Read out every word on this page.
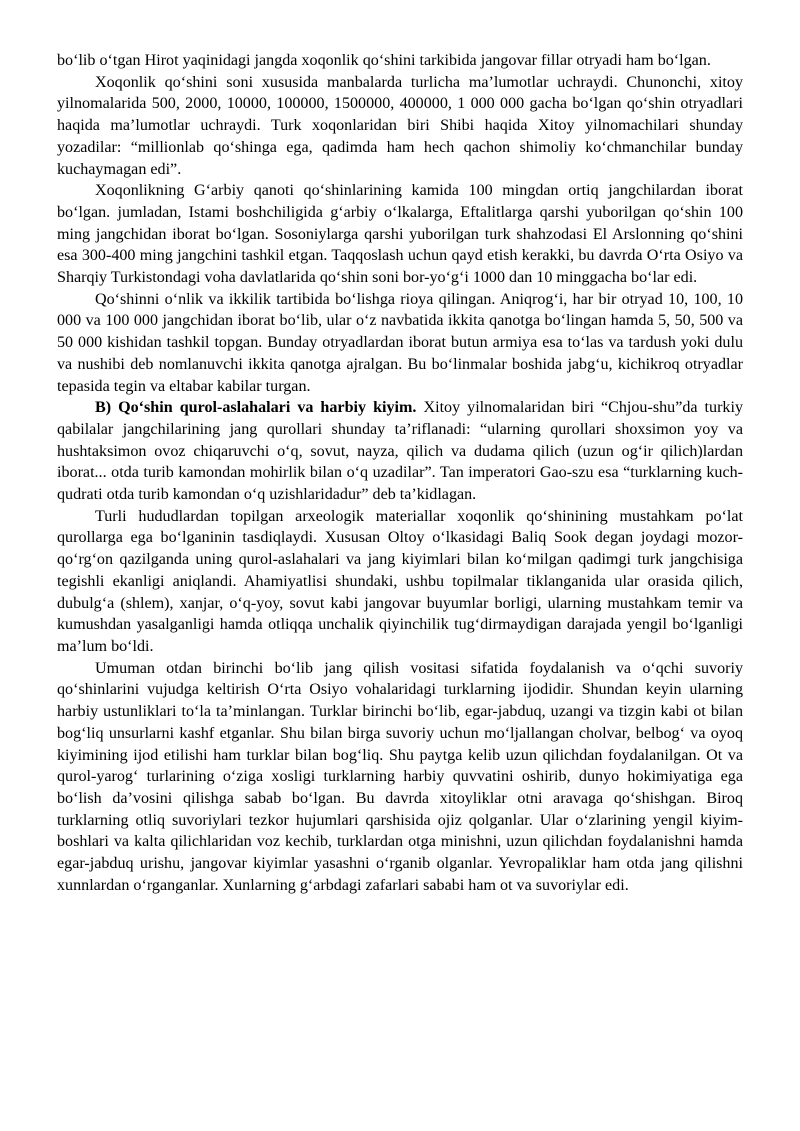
bo‘lib o‘tgan Hirot yaqinidagi jangda xoqonlik qo‘shini tarkibida jangovar fillar otryadi ham bo‘lgan.

Xoqonlik qo‘shini soni xususida manbalarda turlicha ma’lumotlar uchraydi. Chunonchi, xitoy yilnomalarida 500, 2000, 10000, 100000, 1500000, 400000, 1 000 000 gacha bo‘lgan qo‘shin otryadlari haqida ma’lumotlar uchraydi. Turk xoqonlaridan biri Shibi haqida Xitoy yilnomachilari shunday yozadilar: “millionlab qo‘shinga ega, qadimda ham hech qachon shimoliy ko‘chmanchilar bunday kuchaymagan edi”.

Xoqonlikning G‘arbiy qanoti qo‘shinlarining kamida 100 mingdan ortiq jangchilardan iborat bo‘lgan. jumladan, Istami boshchiligida g‘arbiy o‘lkalarga, Eftalitlarga qarshi yuborilgan qo‘shin 100 ming jangchidan iborat bo‘lgan. Sosoniylarga qarshi yuborilgan turk shahzodasi El Arslonning qo‘shini esa 300-400 ming jangchini tashkil etgan. Taqqoslash uchun qayd etish kerakki, bu davrda O‘rta Osiyo va Sharqiy Turkistondagi voha davlatlarida qo‘shin soni bor-yo‘g‘i 1000 dan 10 minggacha bo‘lar edi.

Qo‘shinni o‘nlik va ikkilik tartibida bo‘lishga rioya qilingan. Aniqrog‘i, har bir otryad 10, 100, 10 000 va 100 000 jangchidan iborat bo‘lib, ular o‘z navbatida ikkita qanotga bo‘lingan hamda 5, 50, 500 va 50 000 kishidan tashkil topgan. Bunday otryadlardan iborat butun armiya esa to‘las va tardush yoki dulu va nushibi deb nomlanuvchi ikkita qanotga ajralgan. Bu bo‘linmalar boshida jabg‘u, kichikroq otryadlar tepasida tegin va eltabar kabilar turgan.

B) Qo‘shin qurol-aslahalari va harbiy kiyim. Xitoy yilnomalaridan biri “Chjou-shu”da turkiy qabilalar jangchilarining jang qurollari shunday ta’riflanadi: “ularning qurollari shoxsimon yoy va hushtaksimon ovoz chiqaruvchi o‘q, sovut, nayza, qilich va dudama qilich (uzun og‘ir qilich)lardan iborat... otda turib kamondan mohirlik bilan o‘q uzadilar”. Tan imperatori Gao-szu esa “turklarning kuch-qudrati otda turib kamondan o‘q uzishlaridadur” deb ta’kidlagan.

Turli hududlardan topilgan arxeologik materiallar xoqonlik qo‘shinining mustahkam po‘lat qurollarga ega bo‘lganinin tasdiqlaydi. Xususan Oltoy o‘lkasidagi Baliq Sook degan joydagi mozor-qo‘rg‘on qazilganda uning qurol-aslahalari va jang kiyimlari bilan ko‘milgan qadimgi turk jangchisiga tegishli ekanligi aniqlandi. Ahamiyatlisi shundaki, ushbu topilmalar tiklanganida ular orasida qilich, dubulg‘a (shlem), xanjar, o‘q-yoy, sovut kabi jangovar buyumlar borligi, ularning mustahkam temir va kumushdan yasalganligi hamda otliqqa unchalik qiyinchilik tug‘dirmaydigan darajada yengil bo‘lganligi ma’lum bo‘ldi.

Umuman otdan birinchi bo‘lib jang qilish vositasi sifatida foydalanish va o‘qchi suvoriy qo‘shinlarini vujudga keltirish O‘rta Osiyo vohalaridagi turklarning ijodidir. Shundan keyin ularning harbiy ustunliklari to‘la ta’minlangan. Turklar birinchi bo‘lib, egar-jabduq, uzangi va tizgin kabi ot bilan bog‘liq unsurlarni kashf etganlar. Shu bilan birga suvoriy uchun mo‘ljallangan cholvar, belbog‘ va oyoq kiyimining ijod etilishi ham turklar bilan bog‘liq. Shu paytga kelib uzun qilichdan foydalanilgan. Ot va qurol-yarog‘ turlarining o‘ziga xosligi turklarning harbiy quvvatini oshirib, dunyo hokimiyatiga ega bo‘lish da’vosini qilishga sabab bo‘lgan. Bu davrda xitoyliklar otni aravaga qo‘shishgan. Biroq turklarning otliq suvoriylari tezkor hujumlari qarshisida ojiz qolganlar. Ular o‘zlarining yengil kiyim-boshlari va kalta qilichlaridan voz kechib, turklardan otga minishni, uzun qilichdan foydalanishni hamda egar-jabduq urishu, jangovar kiyimlar yasashni o‘rganib olganlar. Yevropaliklar ham otda jang qilishni xunnlardan o‘rganganlar. Xunlarning g‘arbdagi zafarlari sababi ham ot va suvoriylar edi.
